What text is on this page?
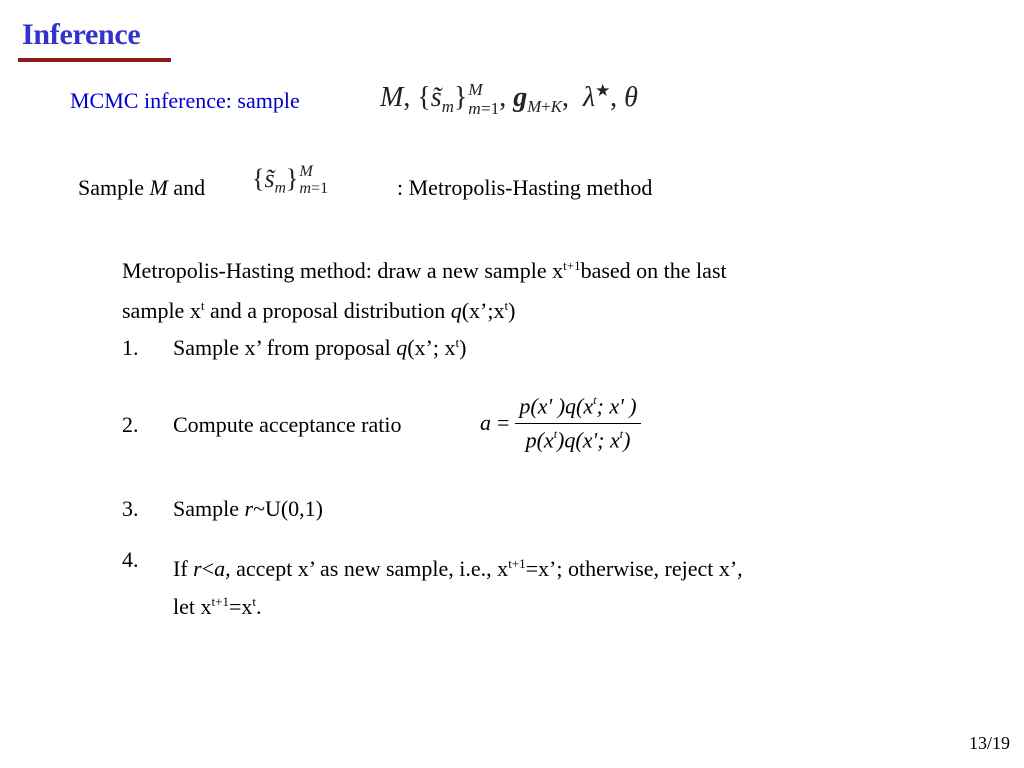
Inference
MCMC inference: sample	M, $\{s̃_m\}$ M
m=1 , $g_{M+K}$,  λ★, θ
Sample M and $\{s̃_m\}$ M
m=1	: Metropolis-Hasting method
Metropolis-Hasting method: draw a new sample $x^{t+1}based$ on the last
sample $x^t$ and a proposal distribution $q(x’;x^t)$
1. Sample x’ from proposal q(x’; $x^t$)
2. Compute acceptance ratio	a =
p(x' )$q(x^t$; x' )
$p(x^t)q(x'$; $x^t$)
3. Sample r~U(0,1)
4. If r<a, accept x’ as new sample, i.e., $x^{t+1}=x$’; otherwise, reject x’,
let $x^{t+1}=x^t$.
13/19
